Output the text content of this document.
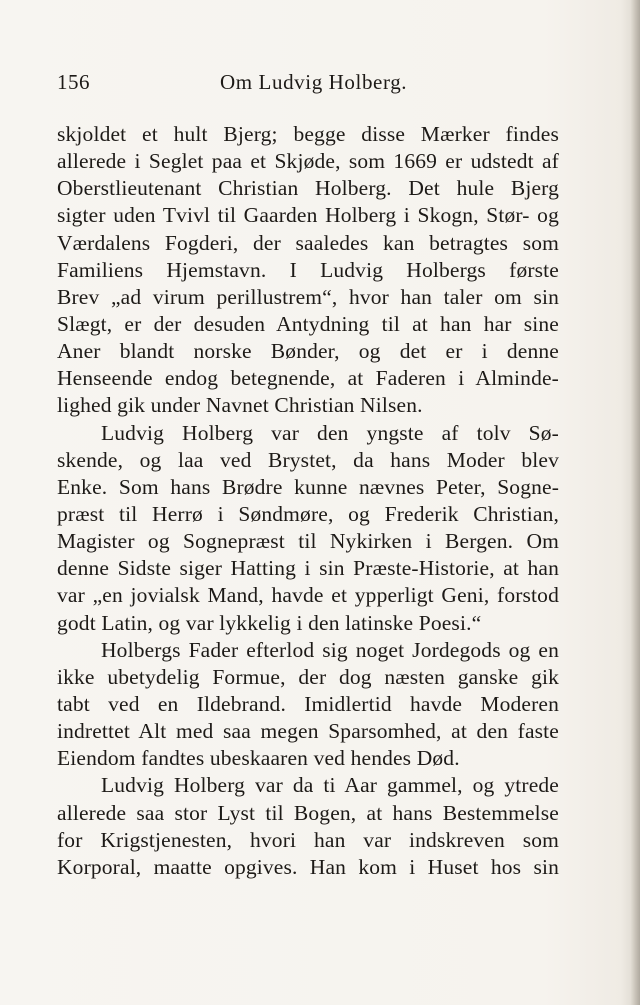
156	Om Ludvig Holberg.
skjoldet et hult Bjerg; begge disse Mærker findes
allerede i Seglet paa et Skjøde, som 1669 er udstedt af
Oberstlieutenant Christian Holberg. Det hule Bjerg
sigter uden Tvivl til Gaarden Holberg i Skogn, Stør- og
Værdalens Fogderi, der saaledes kan betragtes som
Familiens Hjemstavn. I Ludvig Holbergs første
Brev „ad virum perillustrem“, hvor han taler om sin
Slægt, er der desuden Antydning til at han har sine
Aner blandt norske Bønder, og det er i denne
Henseende endog betegnende, at Faderen i Alminde-
lighed gik under Navnet Christian Nilsen.
Ludvig Holberg var den yngste af tolv Sø-
skende, og laa ved Brystet, da hans Moder blev
Enke. Som hans Brødre kunne nævnes Peter, Sogne-
præst til Herrø i Søndmøre, og Frederik Christian,
Magister og Sognepræst til Nykirken i Bergen. Om
denne Sidste siger Hatting i sin Præste-Historie, at han
var „en jovialsk Mand, havde et ypperligt Geni, forstod
godt Latin, og var lykkelig i den latinske Poesi.“
Holbergs Fader efterlod sig noget Jordegods og en
ikke ubetydelig Formue, der dog næsten ganske gik
tabt ved en Ildebrand. Imidlertid havde Moderen
indrettet Alt med saa megen Sparsomhed, at den faste
Eiendom fandtes ubeskaaren ved hendes Død.
Ludvig Holberg var da ti Aar gammel, og ytrede
allerede saa stor Lyst til Bogen, at hans Bestemmelse
for Krigstjenesten, hvori han var indskreven som
Korporal, maatte opgives. Han kom i Huset hos sin
